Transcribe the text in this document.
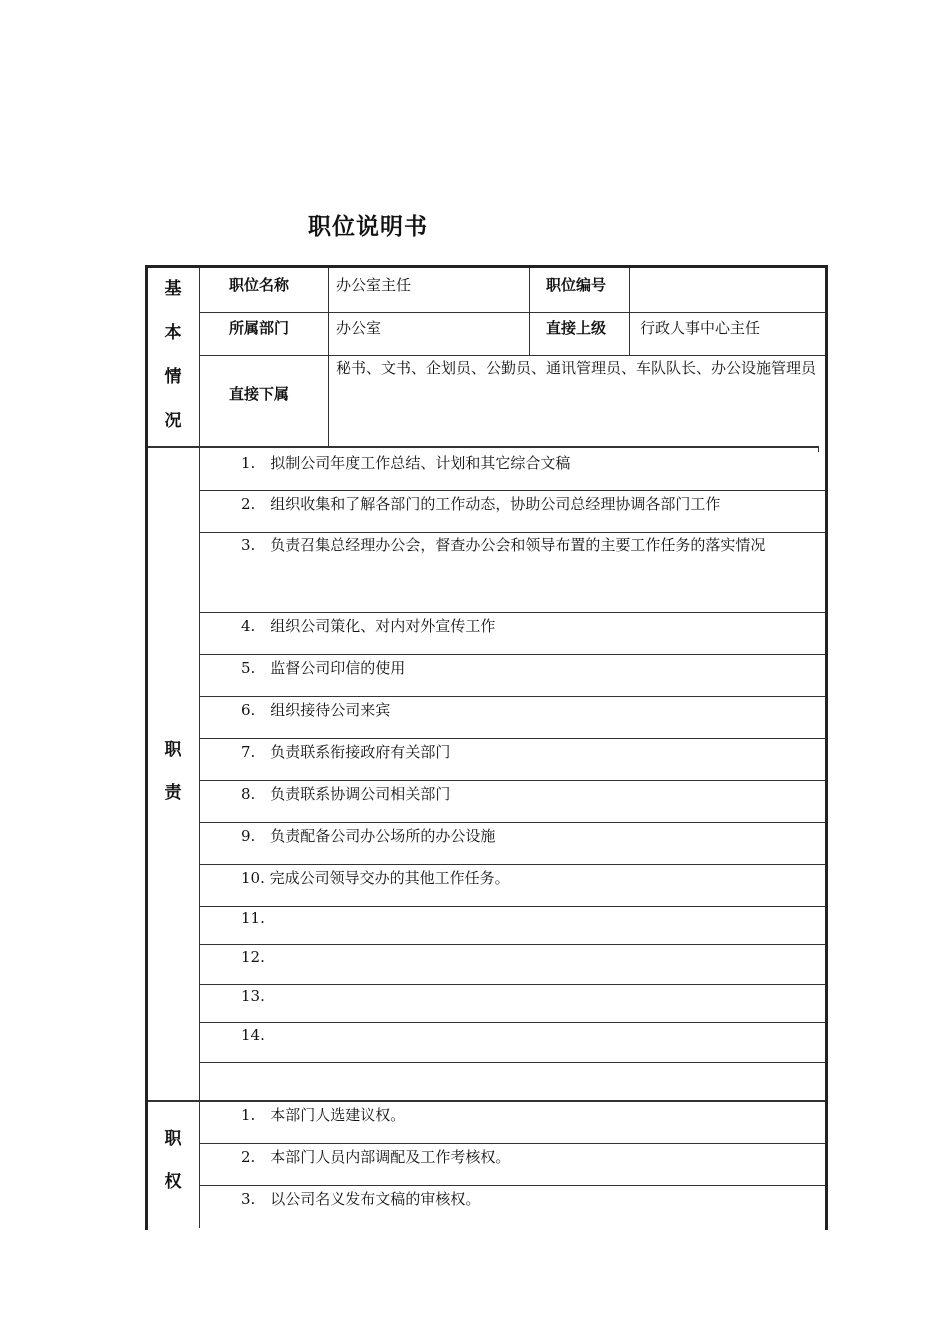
职位说明书
基
本
情
况
职位名称	办公室主任	职位编号
所属部门	办公室	直接上级 行政人事中心主任
直接下属
秘书、文书、企划员、公勤员、通讯管理员、车队队长、办公设施管理员
职
责
1.　拟制公司年度工作总结、计划和其它综合文稿
2.　组织收集和了解各部门的工作动态，协助公司总经理协调各部门工作
3.　负责召集总经理办公会，督查办公会和领导布置的主要工作任务的落实情况
4.　组织公司策化、对内对外宣传工作
5.　监督公司印信的使用
6.　组织接待公司来宾
7.　负责联系衔接政府有关部门
8.　负责联系协调公司相关部门
9.　负责配备公司办公场所的办公设施
10. 完成公司领导交办的其他工作任务。
11.
12.
13.
14.
职
权
1.　本部门人选建议权。
2.　本部门人员内部调配及工作考核权。
3.　以公司名义发布文稿的审核权。
